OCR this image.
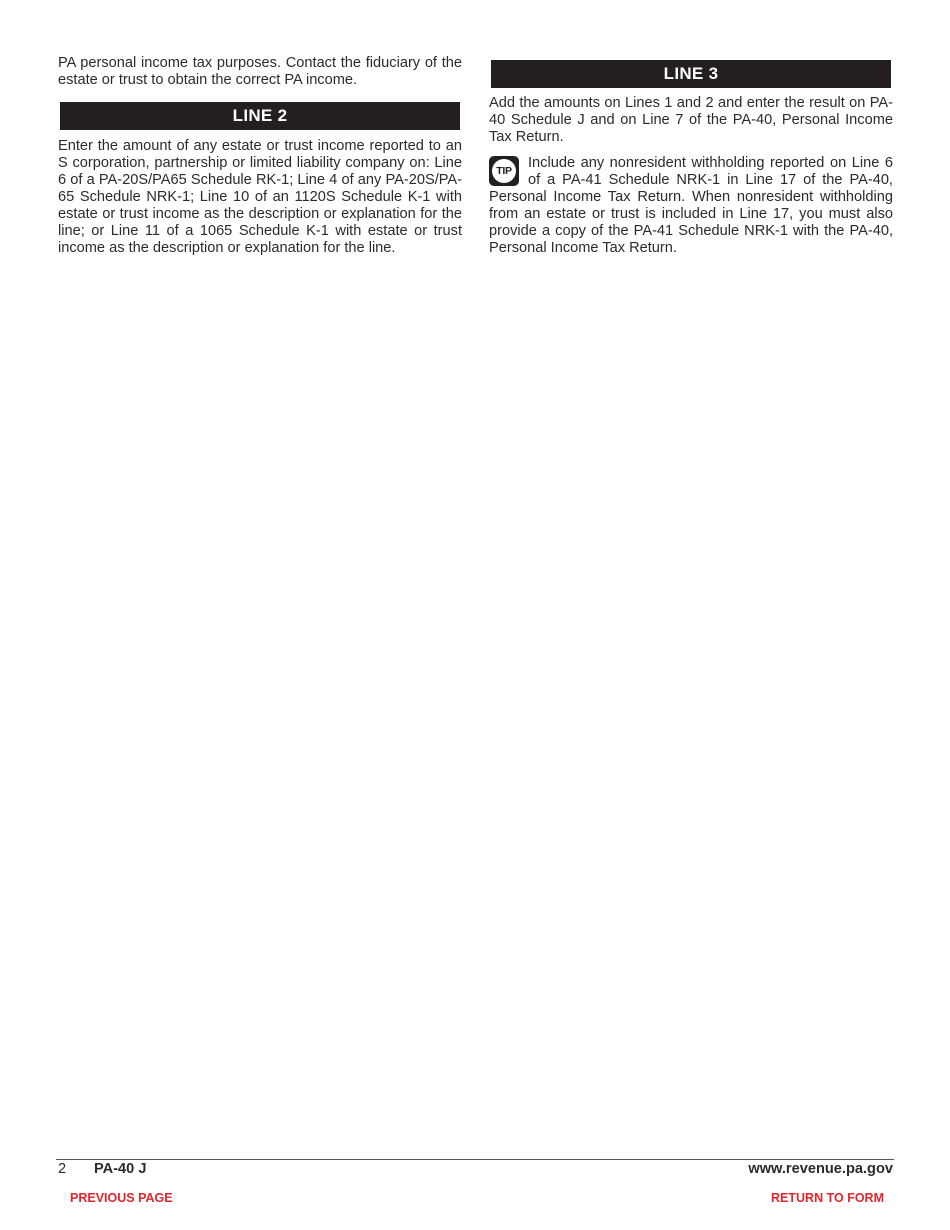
PA personal income tax purposes. Contact the fiduciary of the estate or trust to obtain the correct PA income.

LINE 2

Enter the amount of any estate or trust income reported to an S corporation, partnership or limited liability company on: Line 6 of a PA-20S/PA65 Schedule RK-1; Line 4 of any PA-20S/PA-65 Schedule NRK-1; Line 10 of an 1120S Schedule K-1 with estate or trust income as the description or explanation for the line; or Line 11 of a 1065 Schedule K-1 with estate or trust income as the description or explanation for the line.

LINE 3

Add the amounts on Lines 1 and 2 and enter the result on PA-40 Schedule J and on Line 7 of the PA-40, Personal Income Tax Return.

TIP	Include any nonresident withholding reported on Line 6 of a PA-41 Schedule NRK-1 in Line 17 of the PA-40, Personal Income Tax Return. When nonresident withholding from an estate or trust is included in Line 17, you must also provide a copy of the PA-41 Schedule NRK-1 with the PA-40, Personal Income Tax Return.

2 PA-40 J	www.revenue.pa.gov
PREVIOUS PAGE	RETURN TO FORM
